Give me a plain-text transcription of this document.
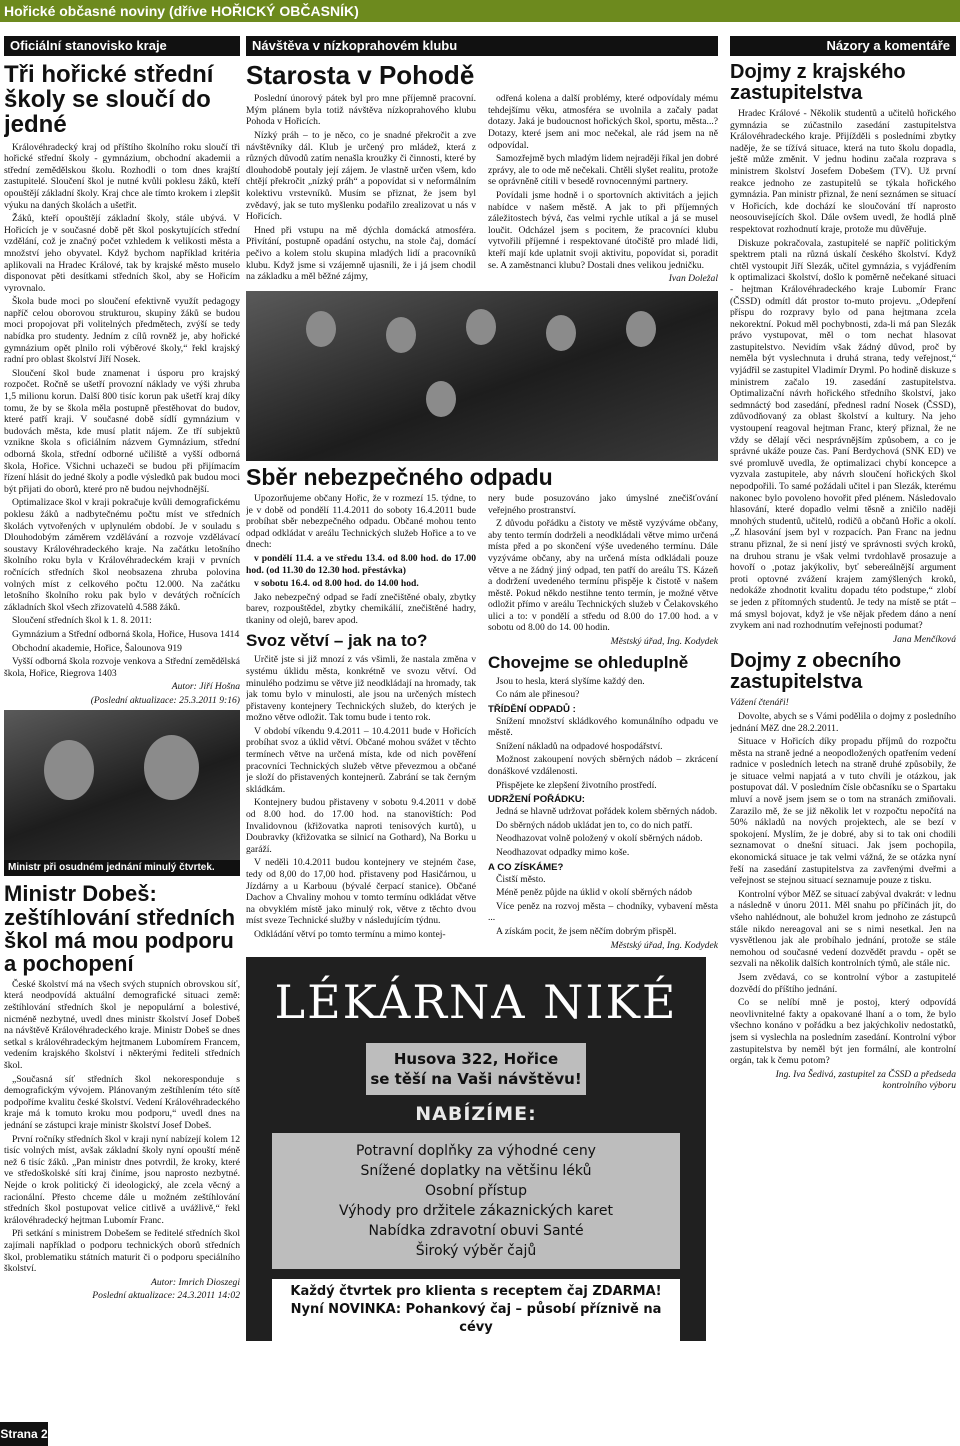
Hořické občasné noviny (dříve HOŘICKÝ OBČASNÍK)
Oficiální stanovisko kraje
Tři hořické střední školy se sloučí do jedné

Královéhradecký kraj od příštího školního roku sloučí tři hořické střední školy - gymnázium, obchodní akademii a střední zemědělskou školu. Rozhodli o tom dnes krajští zastupitelé. Sloučení škol je nutné kvůli poklesu žáků, kteří opouštějí základní školy. Kraj chce ale tímto krokem i zlepšit výuku na daných školách a ušetřit.

Žáků, kteří opouštějí základní školy, stále ubývá. V Hořicích je v současné době pět škol poskytujících střední vzdělání, což je značný počet vzhledem k velikosti města a množství jeho obyvatel. Když bychom například kritéria aplikovali na Hradec Králové, tak by krajské město muselo disponovat pěti desítkami středních škol, aby se Hořicím vyrovnalo.

Škola bude moci po sloučení efektivně využít pedagogy napříč celou oborovou strukturou, skupiny žáků se budou moci propojovat při volitelných předmětech, zvýší se tedy nabídka pro studenty. Jedním z cílů rovněž je, aby hořické gymnázium opět plnilo roli výběrové školy,“ řekl krajský radní pro oblast školství Jiří Nosek.

Sloučení škol bude znamenat i úsporu pro krajský rozpočet. Ročně se ušetří provozní náklady ve výši zhruba 1,5 milionu korun. Další 800 tisíc korun pak ušetří kraj díky tomu, že by se škola měla postupně přestěhovat do budov, které patří kraji. V současné době sídlí gymnázium v budovách města, kde musí platit nájem. Ze tří subjektů vznikne škola s oficiálním názvem Gymnázium, střední odborná škola, střední odborné učiliště a vyšší odborná škola, Hořice. Všichni uchazeči se budou při přijímacím řízení hlásit do jedné školy a podle výsledků pak budou moci být přijati do oborů, které pro ně budou nejvhodnější.

Optimalizace škol v kraji pokračuje kvůli demografickému poklesu žáků a nadbytečnému počtu míst ve středních školách vytvořených v uplynulém období. Je v souladu s Dlouhodobým záměrem vzdělávání a rozvoje vzdělávací soustavy Královéhradeckého kraje. Na začátku letošního školního roku byla v Královéhradeckém kraji v prvních ročnících středních škol neobsazena zhruba polovina volných míst z celkového počtu 12.000. Na začátku letošního školního roku pak bylo v devátých ročnících základních škol všech zřizovatelů 4.588 žáků.

Sloučení středních škol k 1. 8. 2011:

Gymnázium a Střední odborná škola, Hořice, Husova 1414

Obchodní akademie, Hořice, Šalounova 919

Vyšší odborná škola rozvoje venkova a Střední zemědělská škola, Hořice, Riegrova 1403

Autor: Jiří Hošna
(Poslední aktualizace: 25.3.2011 9:16)
Ministr při osudném jednání minulý čtvrtek.
Ministr Dobeš: zeštíhlování středních škol má mou podporu a pochopení

České školství má na všech svých stupních obrovskou síť, která neodpovídá aktuální demografické situaci země: zeštíhlování středních škol je nepopulární a bolestivé, nicméně nezbytné, uvedl dnes ministr školství Josef Dobeš na návštěvě Královéhradeckého kraje. Ministr Dobeš se dnes setkal s královéhradeckým hejtmanem Lubomírem Francem, vedením krajského školství i některými řediteli středních škol.

„Současná síť středních škol nekoresponduje s demografickým vývojem. Plánovaným zeštíhlením této sítě podpoříme kvalitu české školství. Vedení Královéhradeckého kraje má k tomuto kroku mou podporu,“ uvedl dnes na jednání se zástupci kraje ministr školství Josef Dobeš.

První ročníky středních škol v kraji nyní nabízejí kolem 12 tisíc volných míst, avšak základní školy nyní opouští méně než 6 tisíc žáků. „Pan ministr dnes potvrdil, že kroky, které ve středoškolské síti kraj činíme, jsou naprosto nezbytné. Nejde o krok politický či ideologický, ale zcela věcný a racionální. Přesto chceme dále u možném zeštíhlování středních škol postupovat velice citlivě a uvážlivě,“ řekl královéhradecký hejtman Lubomír Franc.

Při setkání s ministrem Dobešem se ředitelé středních škol zajímali například o podporu technických oborů středních škol, problematiku státních maturit či o podporu speciálního školství.

Autor: Imrich Dioszegi
Poslední aktualizace: 24.3.2011 14:02
Návštěva v nízkoprahovém klubu
Starosta v Pohodě

Poslední únorový pátek byl pro mne příjemně pracovní. Mým plánem byla totiž návštěva nízkoprahového klubu Pohoda v Hořicích.

Nízký práh – to je něco, co je snadné překročit a zve návštěvníky dál. Klub je určený pro mládež, která z různých důvodů zatím nenašla kroužky či činnosti, které by dlouhodobě poutaly její zájem. Je vlastně určen všem, kdo chtějí překročit „nízký práh“ a popovídat si v neformálním kolektivu vrstevníků. Musím se přiznat, že jsem byl zvědavý, jak se tuto myšlenku podařilo zrealizovat u nás v Hořicích.

Hned při vstupu na mě dýchla domácká atmosféra. Přivítání, postupně opadání ostychu, na stole čaj, domácí pečivo a kolem stolu skupina mladých lidí a pracovníků klubu. Když jsme si vzájemně ujasnili, že i já jsem chodil na základku a měl běžné zájmy,

odřená kolena a další problémy, které odpovídaly mému tehdejšímu věku, atmosféra se uvolnila a začaly padat dotazy. Jaká je budoucnost hořických škol, sportu, města...? Dotazy, které jsem ani moc nečekal, ale rád jsem na ně odpovídal.

Samozřejmě bych mladým lidem nejraději říkal jen dobré zprávy, ale to ode mě nečekali. Chtěli slyšet realitu, protože se oprávněně cítili v besedě rovnocennými partnery.

Povídali jsme hodně i o sportovních aktivitách a jejich nabídce v našem městě. A jak to při příjemných záležitostech bývá, čas velmi rychle utíkal a já se musel loučit. Odcházel jsem s pocitem, že pracovníci klubu vytvořili příjemné i respektované útočiště pro mladé lidi, kteří mají kde uplatnit svoji aktivitu, popovídat si, poradit se. A zaměstnanci klubu? Dostali dnes velikou jedničku.

Ivan Doležal
Sběr nebezpečného odpadu

Upozorňujeme občany Hořic, že v rozmezí 15. týdne, to je v době od pondělí 11.4.2011 do soboty 16.4.2011 bude probíhat sběr nebezpečného odpadu. Občané mohou tento odpad odkládat v areálu Technických služeb Hořice a to ve dnech:

v pondělí 11.4. a ve středu 13.4. od 8.00 hod. do 17.00 hod. (od 11.30 do 12.30 hod. přestávka)

v sobotu 16.4. od 8.00 hod. do 14.00 hod.

Jako nebezpečný odpad se řadí znečištěné obaly, zbytky barev, rozpouštědel, zbytky chemikálií, znečištěné hadry, tkaniny od olejů, barev apod.

Svoz větví – jak na to?

Určitě jste si již mnozí z vás všimli, že nastala změna v systému úklidu města, konkrétně ve svozu větví. Od minulého podzimu se větve již neodkládají na hromady, tak jak tomu bylo v minulosti, ale jsou na určených místech přistaveny kontejnery Technických služeb, do kterých je možno větve odložit. Tak tomu bude i tento rok.

V období víkendu 9.4.2011 – 10.4.2011 bude v Hořicích probíhat svoz a úklid větví. Občané mohou svážet v těchto termínech větve na určená místa, kde od nich pověření pracovníci Technických služeb větve převezmou a občané je složí do přistavených kontejnerů. Zabrání se tak černým skládkám.

Kontejnery budou přistaveny v sobotu 9.4.2011 v době od 8.00 hod. do 17.00 hod. na stanovištích: Pod Invalidovnou (křižovatka naproti tenisových kurtů), u Doubravky (křižovatka se silnicí na Gothard), Na Borku u garáží.

V neděli 10.4.2011 budou kontejnery ve stejném čase, tedy od 8,00 do 17,00 hod. přistaveny pod Hasičárnou, u Jízdárny a u Karbouu (bývalé čerpací stanice). Občané Dachov a Chvaliny mohou v tomto termínu odkládat větve na obvyklém místě jako minulý rok, větve z těchto dvou míst sveze Technické služby v následujícím týdnu.

Odkládání větví po tomto termínu a mimo kontej-

nery bude posuzováno jako úmyslné znečišťování veřejného prostranství.

Z důvodu pořádku a čistoty ve městě vyzýváme občany, aby tento termín dodrželi a neodkládali větve mimo určená místa před a po skončení výše uvedeného termínu. Dále vyzýváme občany, aby na určená místa odkládali pouze větve a ne žádný jiný odpad, ten patří do areálu TS. Kázeň a dodržení uvedeného termínu přispěje k čistotě v našem městě. Pokud někdo nestihne tento termín, je možné větve odložit přímo v areálu Technických služeb v Čelakovského ulici a to: v pondělí a středu od 8.00 do 17.00 hod. a v sobotu od 8.00 do 14. 00 hodin.

Městský úřad, Ing. Kodydek
Chovejme se ohleduplně

Jsou to hesla, která slyšíme každý den.

Co nám ale přinesou?

TŘÍDĚNÍ ODPADŮ :

Snížení množství skládkového komunálního odpadu ve městě.

Snížení nákladů na odpadové hospodářství.

Možnost zakoupení nových sběrných nádob – zkrácení donáškové vzdálenosti.

Přispějete ke zlepšení životního prostředí.

UDRŽENÍ POŘÁDKU:

Jedná se hlavně udržovat pořádek kolem sběrných nádob.

Do sběrných nádob ukládat jen to, co do nich patří.

Neodhazovat volně položený v okolí sběrných nádob.

Neodhazovat odpadky mimo koše.

A CO ZÍSKÁME?

Čistší město.

Méně peněz půjde na úklid v okolí sběrných nádob

Více peněz na rozvoj města – chodníky, vybavení města ...

A získám pocit, že jsem něčím dobrým přispěl.

Městský úřad, Ing. Kodydek
LÉKÁRNA NIKÉ
Husova 322, Hořice
se těší na Vaši návštěvu!
NABÍZÍME:
Potravní doplňky za výhodné ceny
Snížené doplatky na většinu léků
Osobní přístup
Výhody pro držitele zákaznických karet
Nabídka zdravotní obuvi Santé
Široký výběr čajů
Každý čtvrtek pro klienta s receptem čaj ZDARMA!
Nyní NOVINKA: Pohankový čaj – působí příznivě na cévy
Názory a komentáře
Dojmy z krajského zastupitelstva

Hradec Králové - Několik studentů a učitelů hořického gymnázia se zúčastnilo zasedání zastupitelstva Královéhradeckého kraje. Přijížděli s posledními zbytky naděje, že se tížívá situace, která na tuto školu dopadla, ještě může změnit. V jednu hodinu začala rozprava s ministrem školství Josefem Dobešem (TV). Už první reakce jednoho ze zastupitelů se týkala hořického gymnázia. Pan ministr přiznal, že není seznámen se situací v Hořicích, kde dochází ke sloučování tří naprosto neosouvisejících škol. Dále ovšem uvedl, že hodlá plně respektovat rozhodnutí kraje, protože mu důvěřuje.

Diskuze pokračovala, zastupitelé se napříč politickým spektrem ptali na různá úskalí českého školství. Když chtěl vystoupit Jiří Slezák, učitel gymnázia, s vyjádřením k optimalizaci školství, došlo k poměrně nečekané situaci - hejtman Královéhradeckého kraje Lubomír Franc (ČSSD) odmítl dát prostor to-muto projevu. „Odepření příspu do rozpravy bylo od pana hejtmana zcela nekorektní. Pokud měl pochybnosti, zda-li má pan Slezák právo vystupovat, měl o tom nechat hlasovat zastupitelstvo. Nevidím však žádný důvod, proč by neměla být vyslechnuta i druhá strana, tedy veřejnost,“ vyjádřil se zastupitel Vladimír Dryml. Po hodině diskuze s ministrem začalo 19. zasedání zastupitelstva. Optimalizační návrh hořického středního školství, jako sedmnáctý bod zasedání, přednesl radní Nosek (ČSSD), zdůvodňovaný za oblast školství a kultury. Na jeho vystoupení reagoval hejtman Franc, který přiznal, že ne vždy se dělají věci nesprávnějším způsobem, a co je správné ukáže pouze čas. Paní Berdychová (SNK ED) ve své promluvě uvedla, že optimalizaci chybí koncepce a vyzvala zastupitele, aby návrh sloučení hořických škol nepodpořili. To samé požádali učitel i pan Slezák, kterému nakonec bylo povoleno hovořit před plénem. Následovalo hlasování, které dopadlo velmi těsně a zničilo naději mnohých studentů, učitelů, rodičů a občanů Hořic a okolí. „Z hlasování jsem byl v rozpacích. Pan Franc na jednu stranu přiznal, že si není jistý ve správnosti svých kroků, na druhou stranu je však velmi tvrdohlavě prosazuje a hovoří o ‚potaz jakýkoliv, byť sebereálnější argument proti optovné zvážení krajem zamýšlených kroků, nedokáže zhodnotit kvalitu dopadu této podstupe,“ zlobí se jeden z přítomných studentů. Je tedy na místě se ptát – má smysl bojovat, když je vše nějak předem dáno a není zvykem ani nad rozhodnutím veřejnosti podumat?

Jana Menčíková
Dojmy z obecního zastupitelstva

Vážení čtenáři!

Dovolte, abych se s Vámi podělila o dojmy z posledního jednání MěZ dne 28.2.2011.

Situace v Hořicích díky propadu příjmů do rozpočtu města na straně jedné a neopodložených opatřením vedení radnice v posledních letech na straně druhé způsobily, že je situace velmi napjatá a v tuto chvíli je otázkou, jak postupovat dál. V posledním čísle občasníku se o Spartaku mluví a nově jsem jsem se o tom na stranách zmiňovali. Zarazilo mě, že se již několik let v rozpočtu nepočítá na 50% nákladů na nových projektech, ale se bezí v spokojení. Myslím, že je dobré, aby si to tak oni chodili seznamovat o dnešní situaci. Jak jsem pochopila, ekonomická situace je tak velmi vážná, že se otázka nyní řeší na zasedání zastupitelstva za zavřenými dveřmi a veřejnost se stejnou situací seznamuje pouze z tisku.

Kontrolní výbor MěZ se situací zabýval dvakrát: v lednu a následně v únoru 2011. Měl snahu po příčinách jít, do všeho nahlédnout, ale bohužel krom jednoho ze zástupců stále nikdo nereagoval ani se s nimi nesetkal. Jen na vysvětlenou jak ale probíhalo jednání, protože se stále nemohou od současné vedení dozvědět pravdu - opět se sezvali na několik dalších kontrolních týmů, ale stále nic.

Jsem zvědavá, co se kontrolní výbor a zastupitelé dozvědí do příštího jednání.

Co se nelíbí mně je postoj, který odpovídá neovlivnitelné fakty a opakované lhaní a o tom, že bylo všechno konáno v pořádku a bez jakýchkoliv nedostatků, jsem si vyslechla na posledním zasedání. Kontrolní výbor zastupitelstva by neměl být jen formální, ale kontrolní orgán, tak k čemu potom?

Ing. Iva Šedivá, zastupitel za ČSSD a předseda kontrolního výboru
Strana 2
